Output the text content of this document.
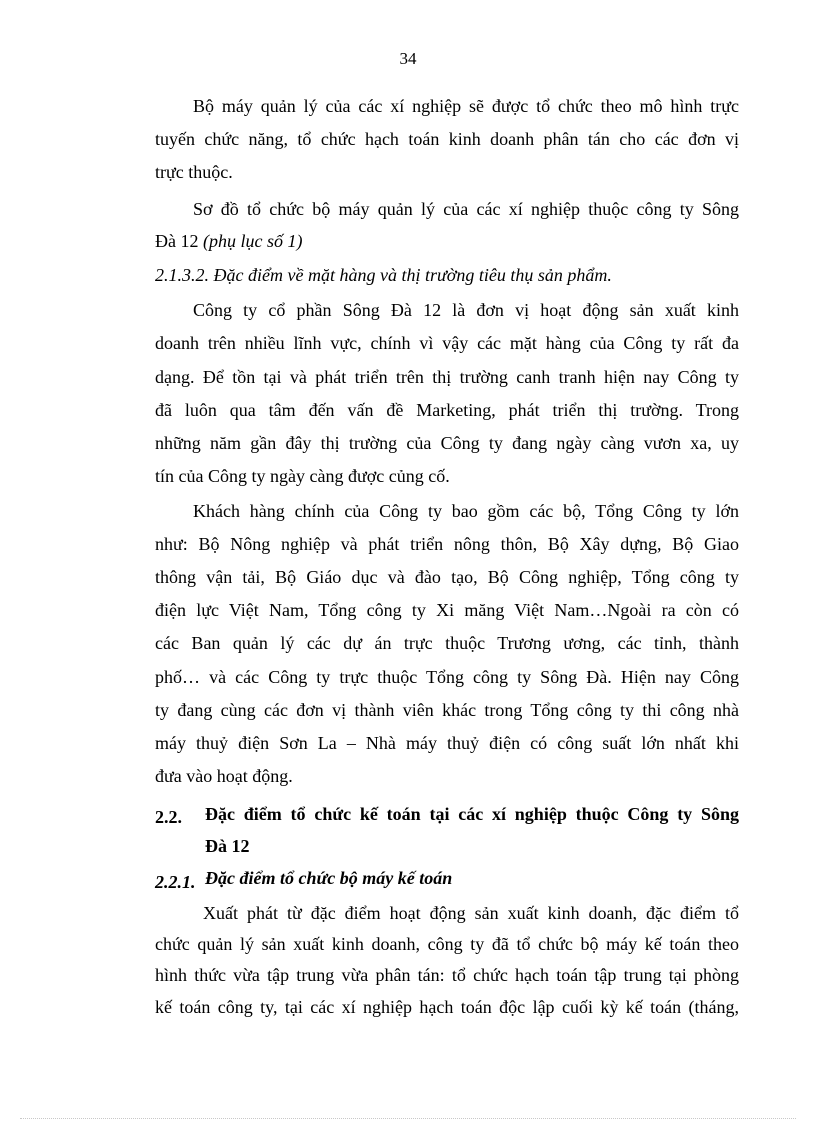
34
Bộ máy quản lý của các xí nghiệp sẽ được tổ chức theo mô hình trực
tuyến chức năng, tổ chức hạch toán kinh doanh phân tán cho các đơn vị
trực thuộc.
Sơ đồ tổ chức bộ máy quản lý của các xí nghiệp thuộc công ty Sông
Đà 12 (phụ lục số 1)
2.1.3.2. Đặc điểm về mặt hàng và thị trường tiêu thụ sản phẩm.
Công ty cổ phần Sông Đà 12 là đơn vị hoạt động sản xuất kinh
doanh trên nhiều lĩnh vực, chính vì vậy các mặt hàng của Công ty rất đa
dạng. Để tồn tại và phát triển trên thị trường canh tranh hiện nay Công ty
đã luôn qua tâm đến vấn đề Marketing, phát triển thị trường. Trong
những năm gần đây thị trường của Công ty đang ngày càng vươn xa, uy
tín của Công ty ngày càng được củng cố.
Khách hàng chính của Công ty bao gồm các bộ, Tổng Công ty lớn
như: Bộ Nông nghiệp và phát triển nông thôn, Bộ Xây dựng, Bộ Giao
thông vận tải, Bộ Giáo dục và đào tạo, Bộ Công nghiệp, Tổng công ty
điện lực Việt Nam, Tổng công ty Xi măng Việt Nam…Ngoài ra còn có
các Ban quản lý các dự án trực thuộc Trương ương, các tỉnh, thành
phố… và các Công ty trực thuộc Tổng công ty Sông Đà. Hiện nay Công
ty đang cùng các đơn vị thành viên khác trong Tổng công ty thi công nhà
máy thuỷ điện Sơn La – Nhà máy thuỷ điện có công suất lớn nhất khi
đưa vào hoạt động.
2.2. Đặc điểm tổ chức kế toán tại các xí nghiệp thuộc Công ty Sông
Đà 12
2.2.1. Đặc điểm tổ chức bộ máy kế toán
Xuất phát từ đặc điểm hoạt động sản xuất kinh doanh, đặc điểm tổ
chức quản lý sản xuất kinh doanh, công ty đã tổ chức bộ máy kế toán theo
hình thức vừa tập trung vừa phân tán: tổ chức hạch toán tập trung tại phòng
kế toán công ty, tại các xí nghiệp hạch toán độc lập cuối kỳ kế toán (tháng,
